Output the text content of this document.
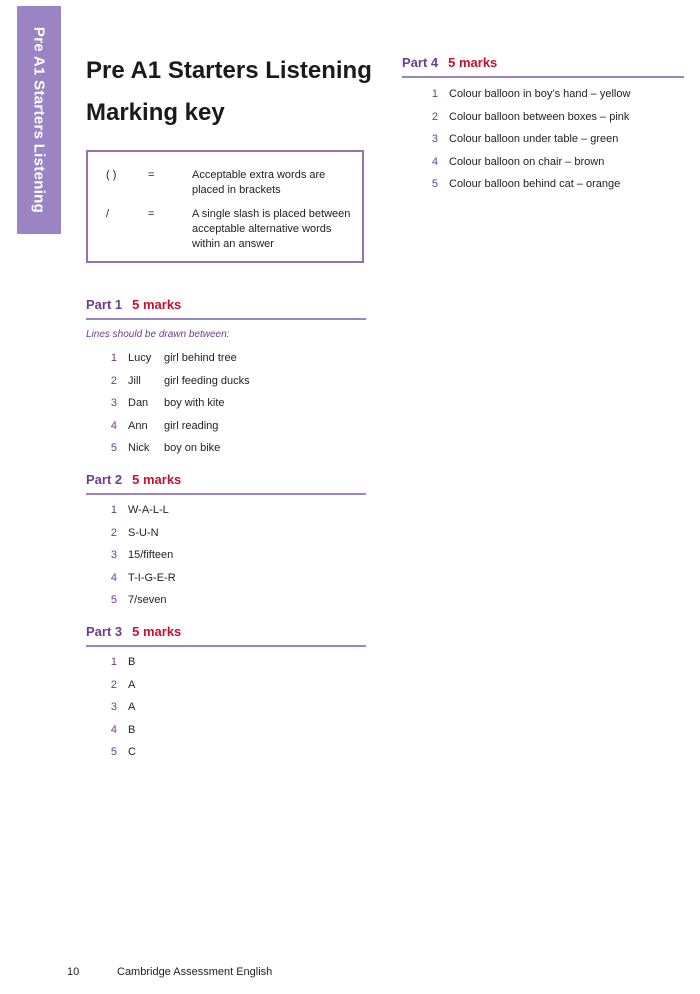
Pre A1 Starters Listening Pre A1 Starters Listening
Marking key
( )	=	Acceptable extra words are placed in brackets
/	=	A single slash is placed between acceptable alternative words within an answer
Part 1 5 marks
Lines should be drawn between:
1 Lucy girl behind tree
2 Jill girl feeding ducks
3 Dan boy with kite
4 Ann girl reading
5 Nick boy on bike
Part 2 5 marks
1 W-A-L-L
2 S-U-N
3 15/fifteen
4 T-I-G-E-R
5 7/seven
Part 3 5 marks
1 B
2 A
3 A
4 B
5 C
Part 4 5 marks
1 Colour balloon in boy’s hand – yellow
2 Colour balloon between boxes – pink
3 Colour balloon under table – green
4 Colour balloon on chair – brown
5 Colour balloon behind cat – orange
10	Cambridge Assessment English
